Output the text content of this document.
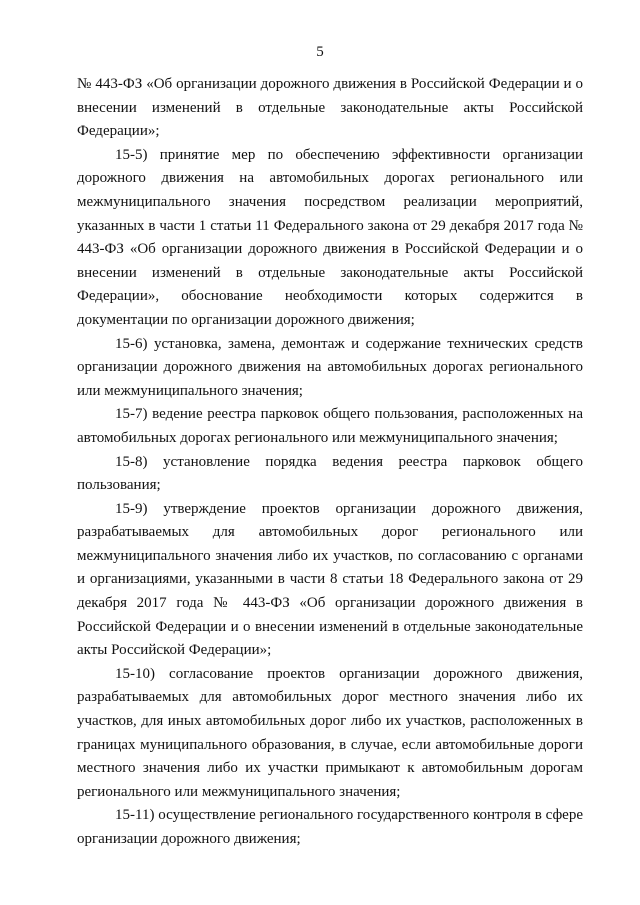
5

№ 443-ФЗ «Об организации дорожного движения в Российской Федерации и о внесении изменений в отдельные законодательные акты Российской Федерации»;

15-5) принятие мер по обеспечению эффективности организации дорожного движения на автомобильных дорогах регионального или межмуниципального значения посредством реализации мероприятий, указанных в части 1 статьи 11 Федерального закона от 29 декабря 2017 года № 443-ФЗ «Об организации дорожного движения в Российской Федерации и о внесении изменений в отдельные законодательные акты Российской Федерации», обоснование необходимости которых содержится в документации по организации дорожного движения;

15-6) установка, замена, демонтаж и содержание технических средств организации дорожного движения на автомобильных дорогах регионального или межмуниципального значения;

15-7) ведение реестра парковок общего пользования, расположенных на автомобильных дорогах регионального или межмуниципального значения;

15-8) установление порядка ведения реестра парковок общего пользования;

15-9) утверждение проектов организации дорожного движения, разрабатываемых для автомобильных дорог регионального или межмуниципального значения либо их участков, по согласованию с органами и организациями, указанными в части 8 статьи 18 Федерального закона от 29 декабря 2017 года № 443-ФЗ «Об организации дорожного движения в Российской Федерации и о внесении изменений в отдельные законодательные акты Российской Федерации»;

15-10) согласование проектов организации дорожного движения, разрабатываемых для автомобильных дорог местного значения либо их участков, для иных автомобильных дорог либо их участков, расположенных в границах муниципального образования, в случае, если автомобильные дороги местного значения либо их участки примыкают к автомобильным дорогам регионального или межмуниципального значения;

15-11) осуществление регионального государственного контроля в сфере организации дорожного движения;
